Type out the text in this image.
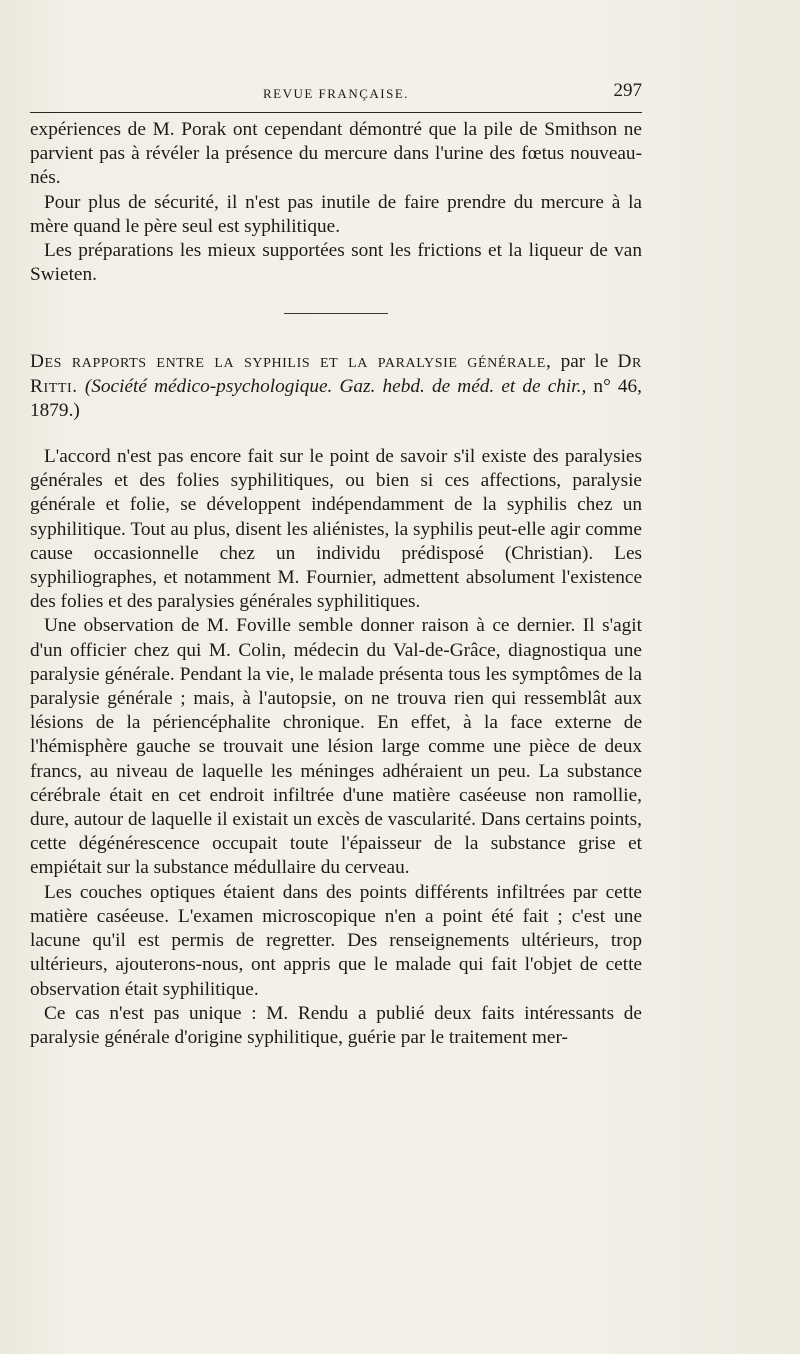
REVUE FRANÇAISE.	297

expériences de M. Porak ont cependant démontré que la pile de Smithson ne parvient pas à révéler la présence du mercure dans l'urine des fœtus nouveau-nés.

Pour plus de sécurité, il n'est pas inutile de faire prendre du mercure à la mère quand le père seul est syphilitique.

Les préparations les mieux supportées sont les frictions et la liqueur de van Swieten.

Des rapports entre la syphilis et la paralysie générale, par le Dr Ritti. (Société médico-psychologique. Gaz. hebd. de méd. et de chir., n° 46, 1879.)

L'accord n'est pas encore fait sur le point de savoir s'il existe des paralysies générales et des folies syphilitiques, ou bien si ces affections, paralysie générale et folie, se développent indépendamment de la syphilis chez un syphilitique. Tout au plus, disent les aliénistes, la syphilis peut-elle agir comme cause occasionnelle chez un individu prédisposé (Christian). Les syphiliographes, et notamment M. Fournier, admettent absolument l'existence des folies et des paralysies générales syphilitiques.

Une observation de M. Foville semble donner raison à ce dernier. Il s'agit d'un officier chez qui M. Colin, médecin du Val-de-Grâce, diagnostiqua une paralysie générale. Pendant la vie, le malade présenta tous les symptômes de la paralysie générale ; mais, à l'autopsie, on ne trouva rien qui ressemblât aux lésions de la périencéphalite chronique. En effet, à la face externe de l'hémisphère gauche se trouvait une lésion large comme une pièce de deux francs, au niveau de laquelle les méninges adhéraient un peu. La substance cérébrale était en cet endroit infiltrée d'une matière caséeuse non ramollie, dure, autour de laquelle il existait un excès de vascularité. Dans certains points, cette dégénérescence occupait toute l'épaisseur de la substance grise et empiétait sur la substance médullaire du cerveau.

Les couches optiques étaient dans des points différents infiltrées par cette matière caséeuse. L'examen microscopique n'en a point été fait ; c'est une lacune qu'il est permis de regretter. Des renseignements ultérieurs, trop ultérieurs, ajouterons-nous, ont appris que le malade qui fait l'objet de cette observation était syphilitique.

Ce cas n'est pas unique : M. Rendu a publié deux faits intéressants de paralysie générale d'origine syphilitique, guérie par le traitement mer-
